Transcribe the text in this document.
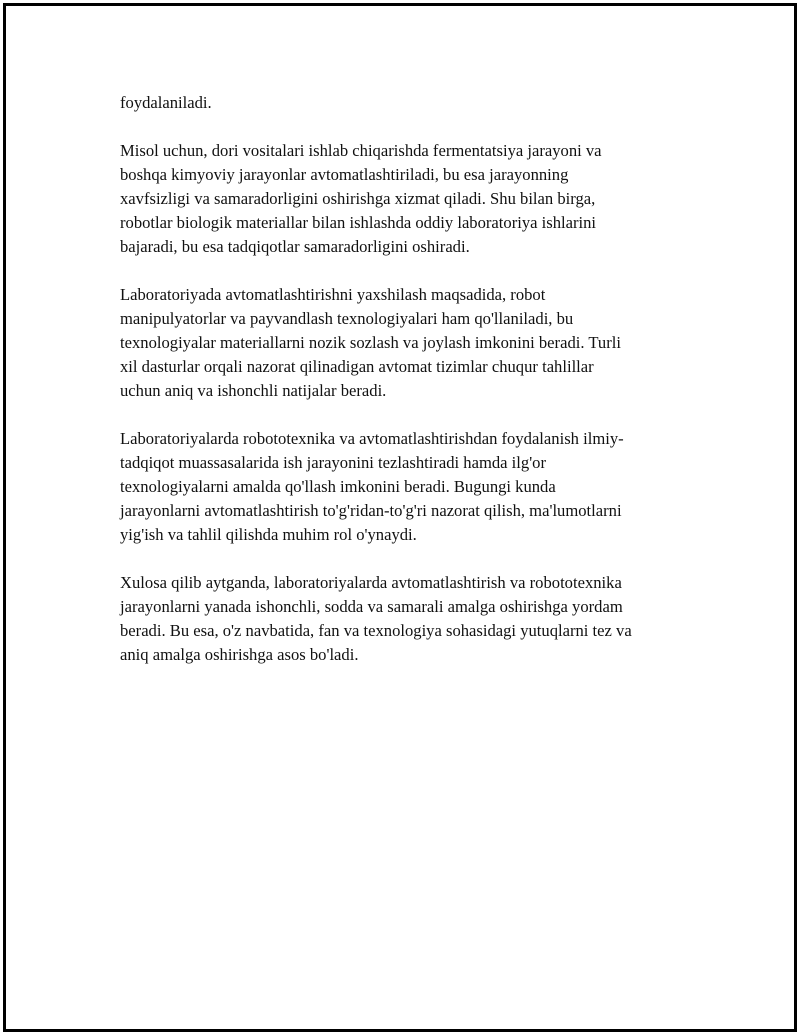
foydalaniladi.

Misol uchun, dori vositalari ishlab chiqarishda fermentatsiya jarayoni va
boshqa kimyoviy jarayonlar avtomatlashtiriladi, bu esa jarayonning
xavfsizligi va samaradorligini oshirishga xizmat qiladi. Shu bilan birga,
robotlar biologik materiallar bilan ishlashda oddiy laboratoriya ishlarini
bajaradi, bu esa tadqiqotlar samaradorligini oshiradi.

Laboratoriyada avtomatlashtirishni yaxshilash maqsadida, robot
manipulyatorlar va payvandlash texnologiyalari ham qo'llaniladi, bu
texnologiyalar materiallarni nozik sozlash va joylash imkonini beradi. Turli
xil dasturlar orqali nazorat qilinadigan avtomat tizimlar chuqur tahlillar
uchun aniq va ishonchli natijalar beradi.

Laboratoriyalarda robototexnika va avtomatlashtirishdan foydalanish ilmiy-
tadqiqot muassasalarida ish jarayonini tezlashtiradi hamda ilg'or
texnologiyalarni amalda qo'llash imkonini beradi. Bugungi kunda
jarayonlarni avtomatlashtirish to'g'ridan-to'g'ri nazorat qilish, ma'lumotlarni
yig'ish va tahlil qilishda muhim rol o'ynaydi.

Xulosa qilib aytganda, laboratoriyalarda avtomatlashtirish va robototexnika
jarayonlarni yanada ishonchli, sodda va samarali amalga oshirishga yordam
beradi. Bu esa, o'z navbatida, fan va texnologiya sohasidagi yutuqlarni tez va
aniq amalga oshirishga asos bo'ladi.
